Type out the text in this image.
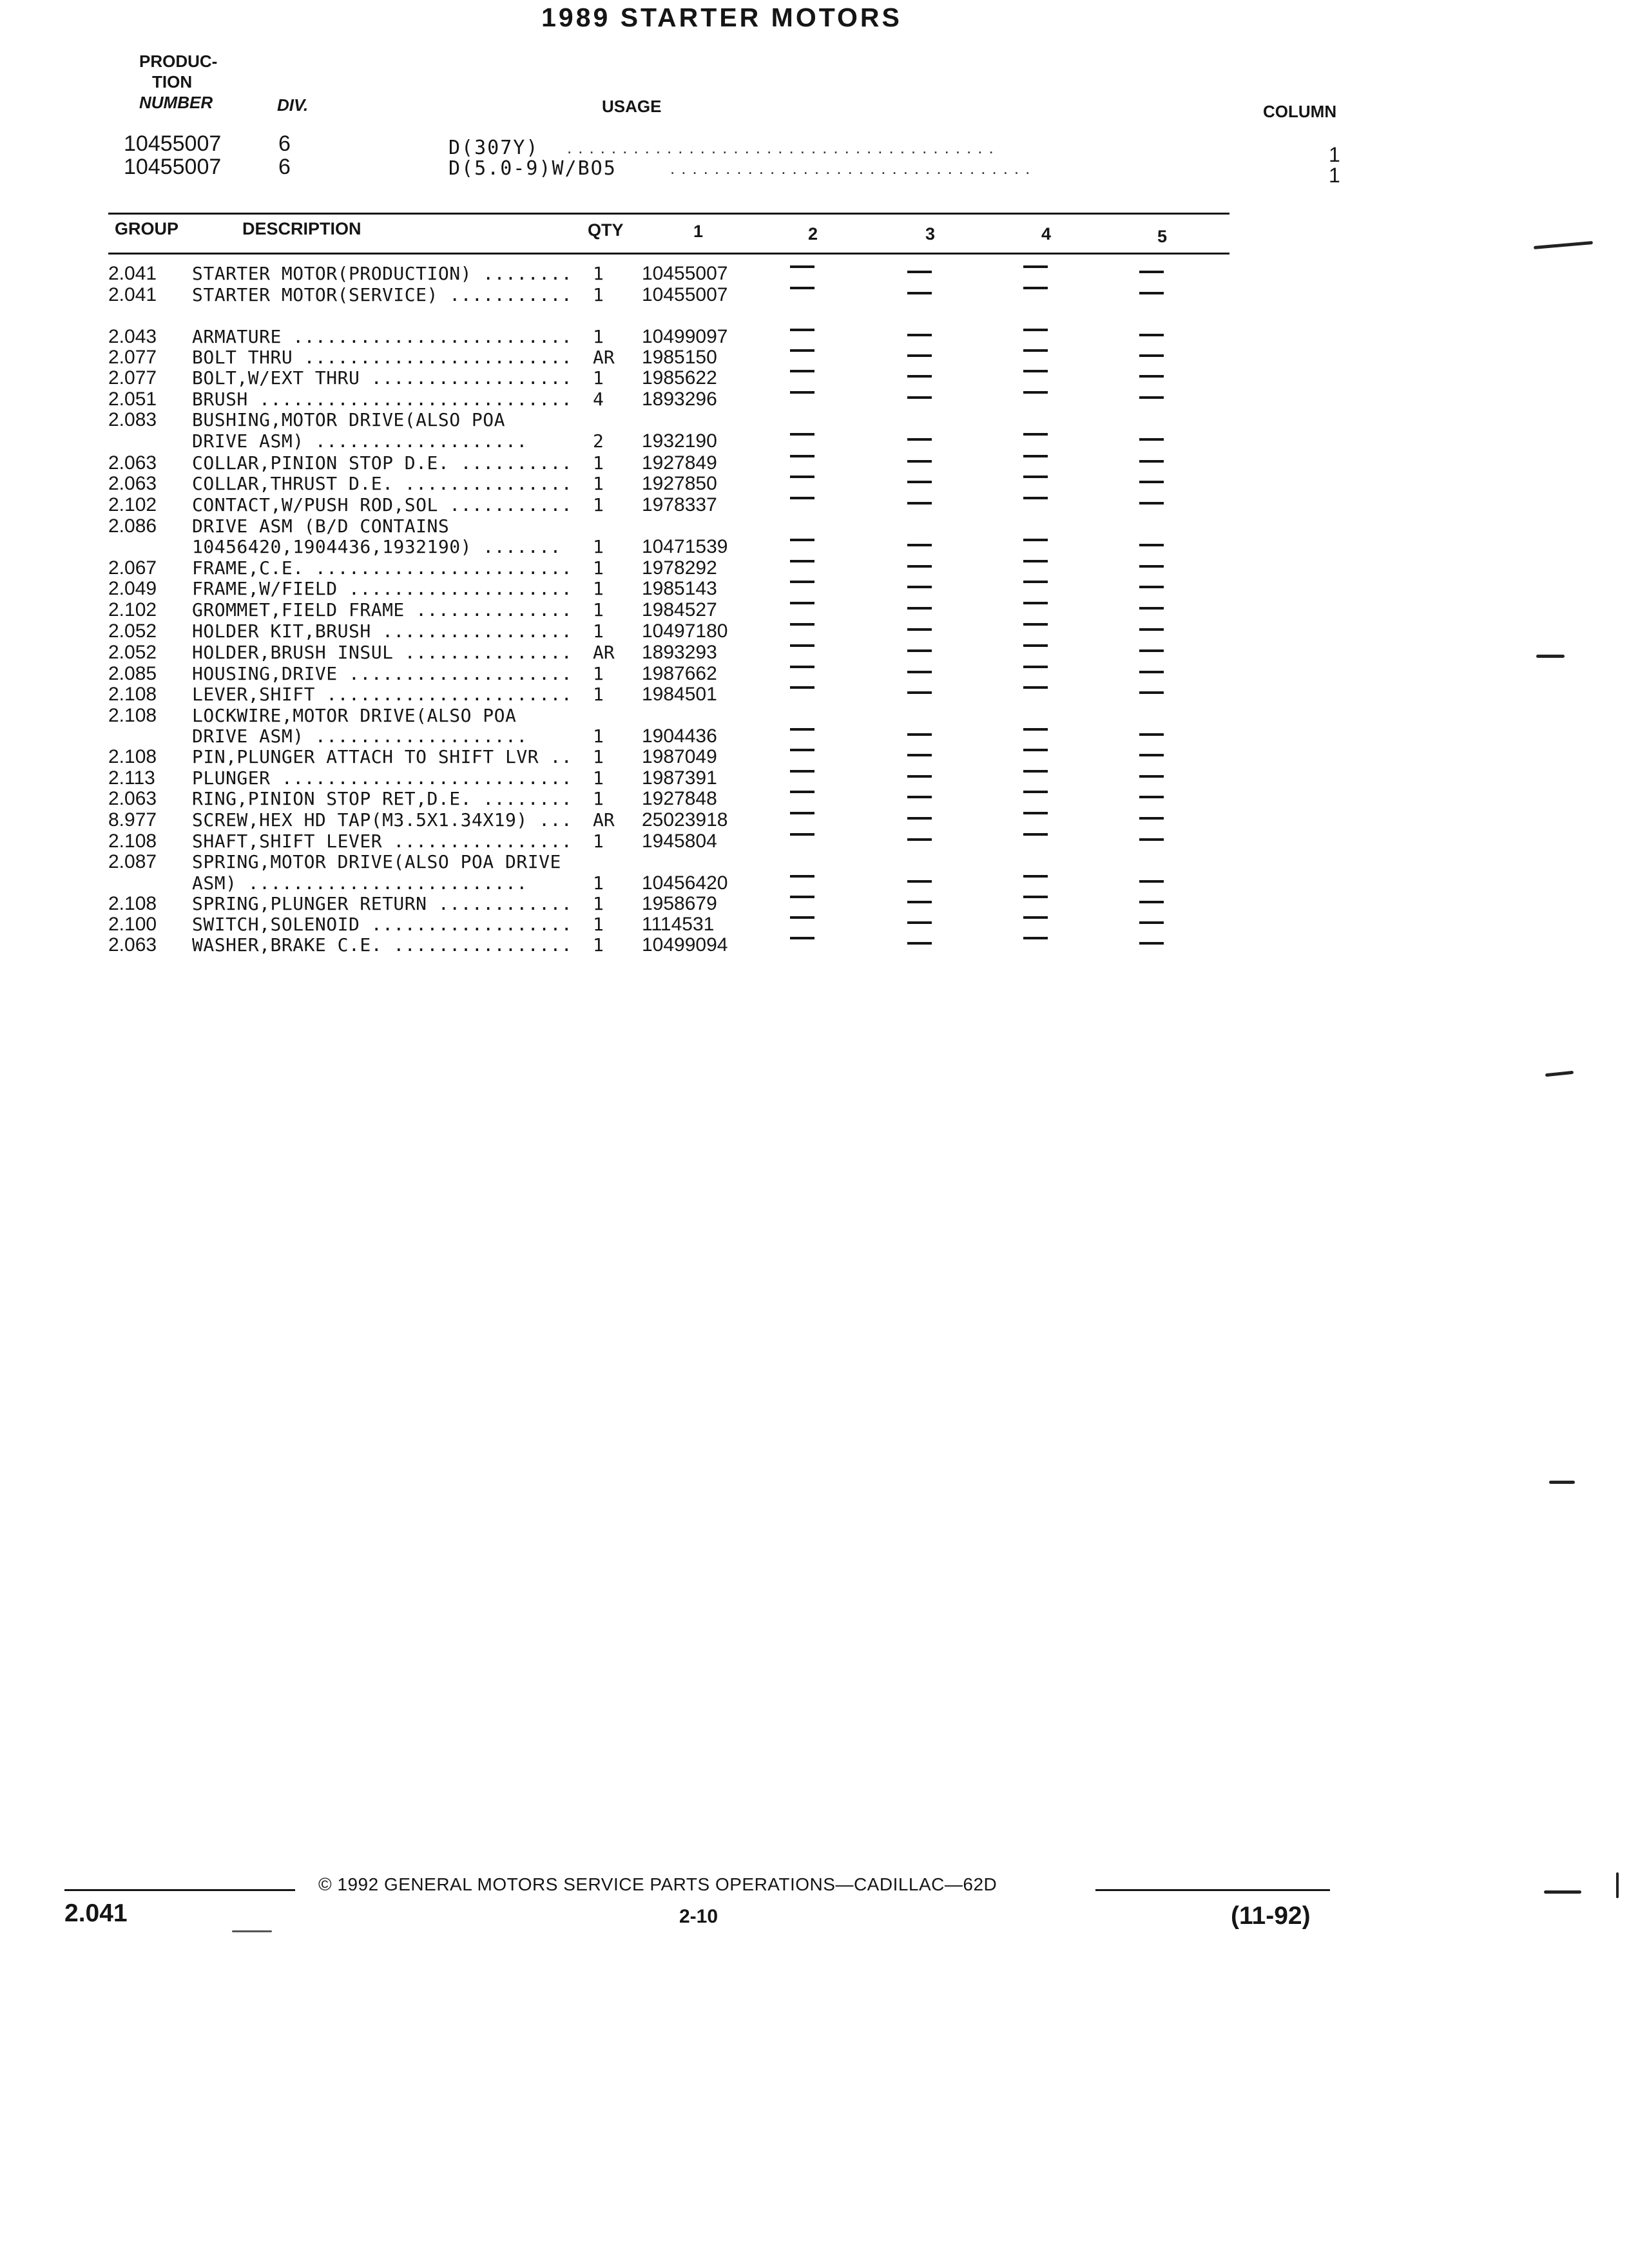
1989 STARTER MOTORS
PRODUC-
TION
NUMBER	DIV.	USAGE	COLUMN
10455007	6	D(307Y) .......................................	1
10455007	6	D(5.0-9)W/BO5	.................................	1
GROUP	DESCRIPTION	QTY	1	2	3	4	5
2.041 STARTER MOTOR(PRODUCTION) ........ 1 10455007
2.041 STARTER MOTOR(SERVICE) ........... 1 10455007
2.043 ARMATURE ......................... 1 10499097
2.077 BOLT THRU ........................ AR 1985150
2.077 BOLT,W/EXT THRU .................. 1 1985622
2.051 BRUSH ............................ 4 1893296
2.083 BUSHING,MOTOR DRIVE(ALSO POA
DRIVE ASM) ...................	2 1932190
2.063 COLLAR,PINION STOP D.E. .......... 1 1927849
2.063 COLLAR,THRUST D.E. ............... 1 1927850
2.102 CONTACT,W/PUSH ROD,SOL ........... 1 1978337
2.086 DRIVE ASM (B/D CONTAINS
10456420,1904436,1932190) ....... 1 10471539
2.067 FRAME,C.E. ....................... 1 1978292
2.049 FRAME,W/FIELD .................... 1 1985143
2.102 GROMMET,FIELD FRAME .............. 1 1984527
2.052 HOLDER KIT,BRUSH ................. 1 10497180
2.052 HOLDER,BRUSH INSUL ............... AR 1893293
2.085 HOUSING,DRIVE .................... 1 1987662
2.108 LEVER,SHIFT ...................... 1 1984501
2.108 LOCKWIRE,MOTOR DRIVE(ALSO POA
DRIVE ASM) ...................	1 1904436
2.108 PIN,PLUNGER ATTACH TO SHIFT LVR .. 1 1987049
2.113 PLUNGER .......................... 1 1987391
2.063 RING,PINION STOP RET,D.E. ........ 1 1927848
8.977 SCREW,HEX HD TAP(M3.5X1.34X19) ... AR 25023918
2.108 SHAFT,SHIFT LEVER ................ 1 1945804
2.087 SPRING,MOTOR DRIVE(ALSO POA DRIVE
ASM) .........................	1 10456420
2.108 SPRING,PLUNGER RETURN ............ 1 1958679
2.100 SWITCH,SOLENOID .................. 1 1114531
2.063 WASHER,BRAKE C.E. ................ 1 10499094
© 1992 GENERAL MOTORS SERVICE PARTS OPERATIONS—CADILLAC—62D
2.041	2-10	(11-92)
